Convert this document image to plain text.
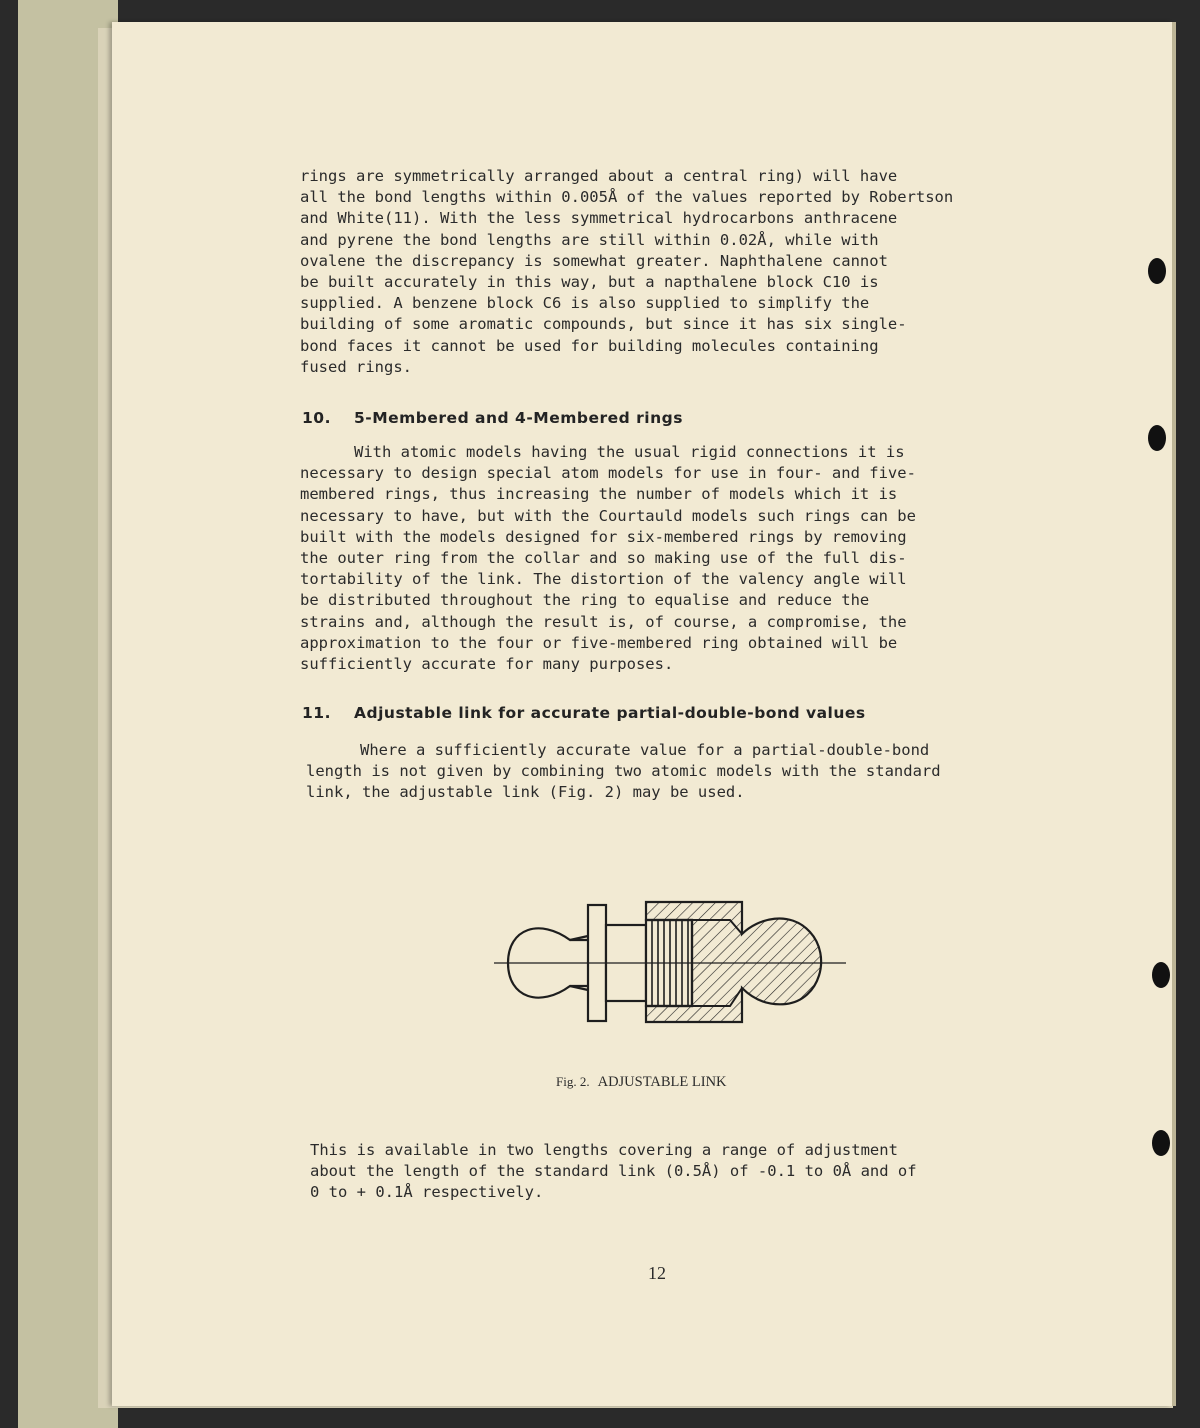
rings are symmetrically arranged about a central ring) will have

all the bond lengths within 0.005Å of the values reported by Robertson

and White(11). With the less symmetrical hydrocarbons anthracene

and pyrene the bond lengths are still within 0.02Å, while with

ovalene the discrepancy is somewhat greater. Naphthalene cannot

be built accurately in this way, but a napthalene block C10 is

supplied. A benzene block C6 is also supplied to simplify the

building of some aromatic compounds, but since it has six single-

bond faces it cannot be used for building molecules containing

fused rings.

10. 5-Membered and 4-Membered rings

With atomic models having the usual rigid connections it is

necessary to design special atom models for use in four- and five-

membered rings, thus increasing the number of models which it is

necessary to have, but with the Courtauld models such rings can be

built with the models designed for six-membered rings by removing

the outer ring from the collar and so making use of the full dis-

tortability of the link. The distortion of the valency angle will

be distributed throughout the ring to equalise and reduce the

strains and, although the result is, of course, a compromise, the

approximation to the four or five-membered ring obtained will be

sufficiently accurate for many purposes.

11. Adjustable link for accurate partial-double-bond values

Where a sufficiently accurate value for a partial-double-bond

length is not given by combining two atomic models with the standard

link, the adjustable link (Fig. 2) may be used.

Fig. 2. ADJUSTABLE LINK

This is available in two lengths covering a range of adjustment

about the length of the standard link (0.5Å) of -0.1 to 0Å and of

0 to + 0.1Å respectively.

12
